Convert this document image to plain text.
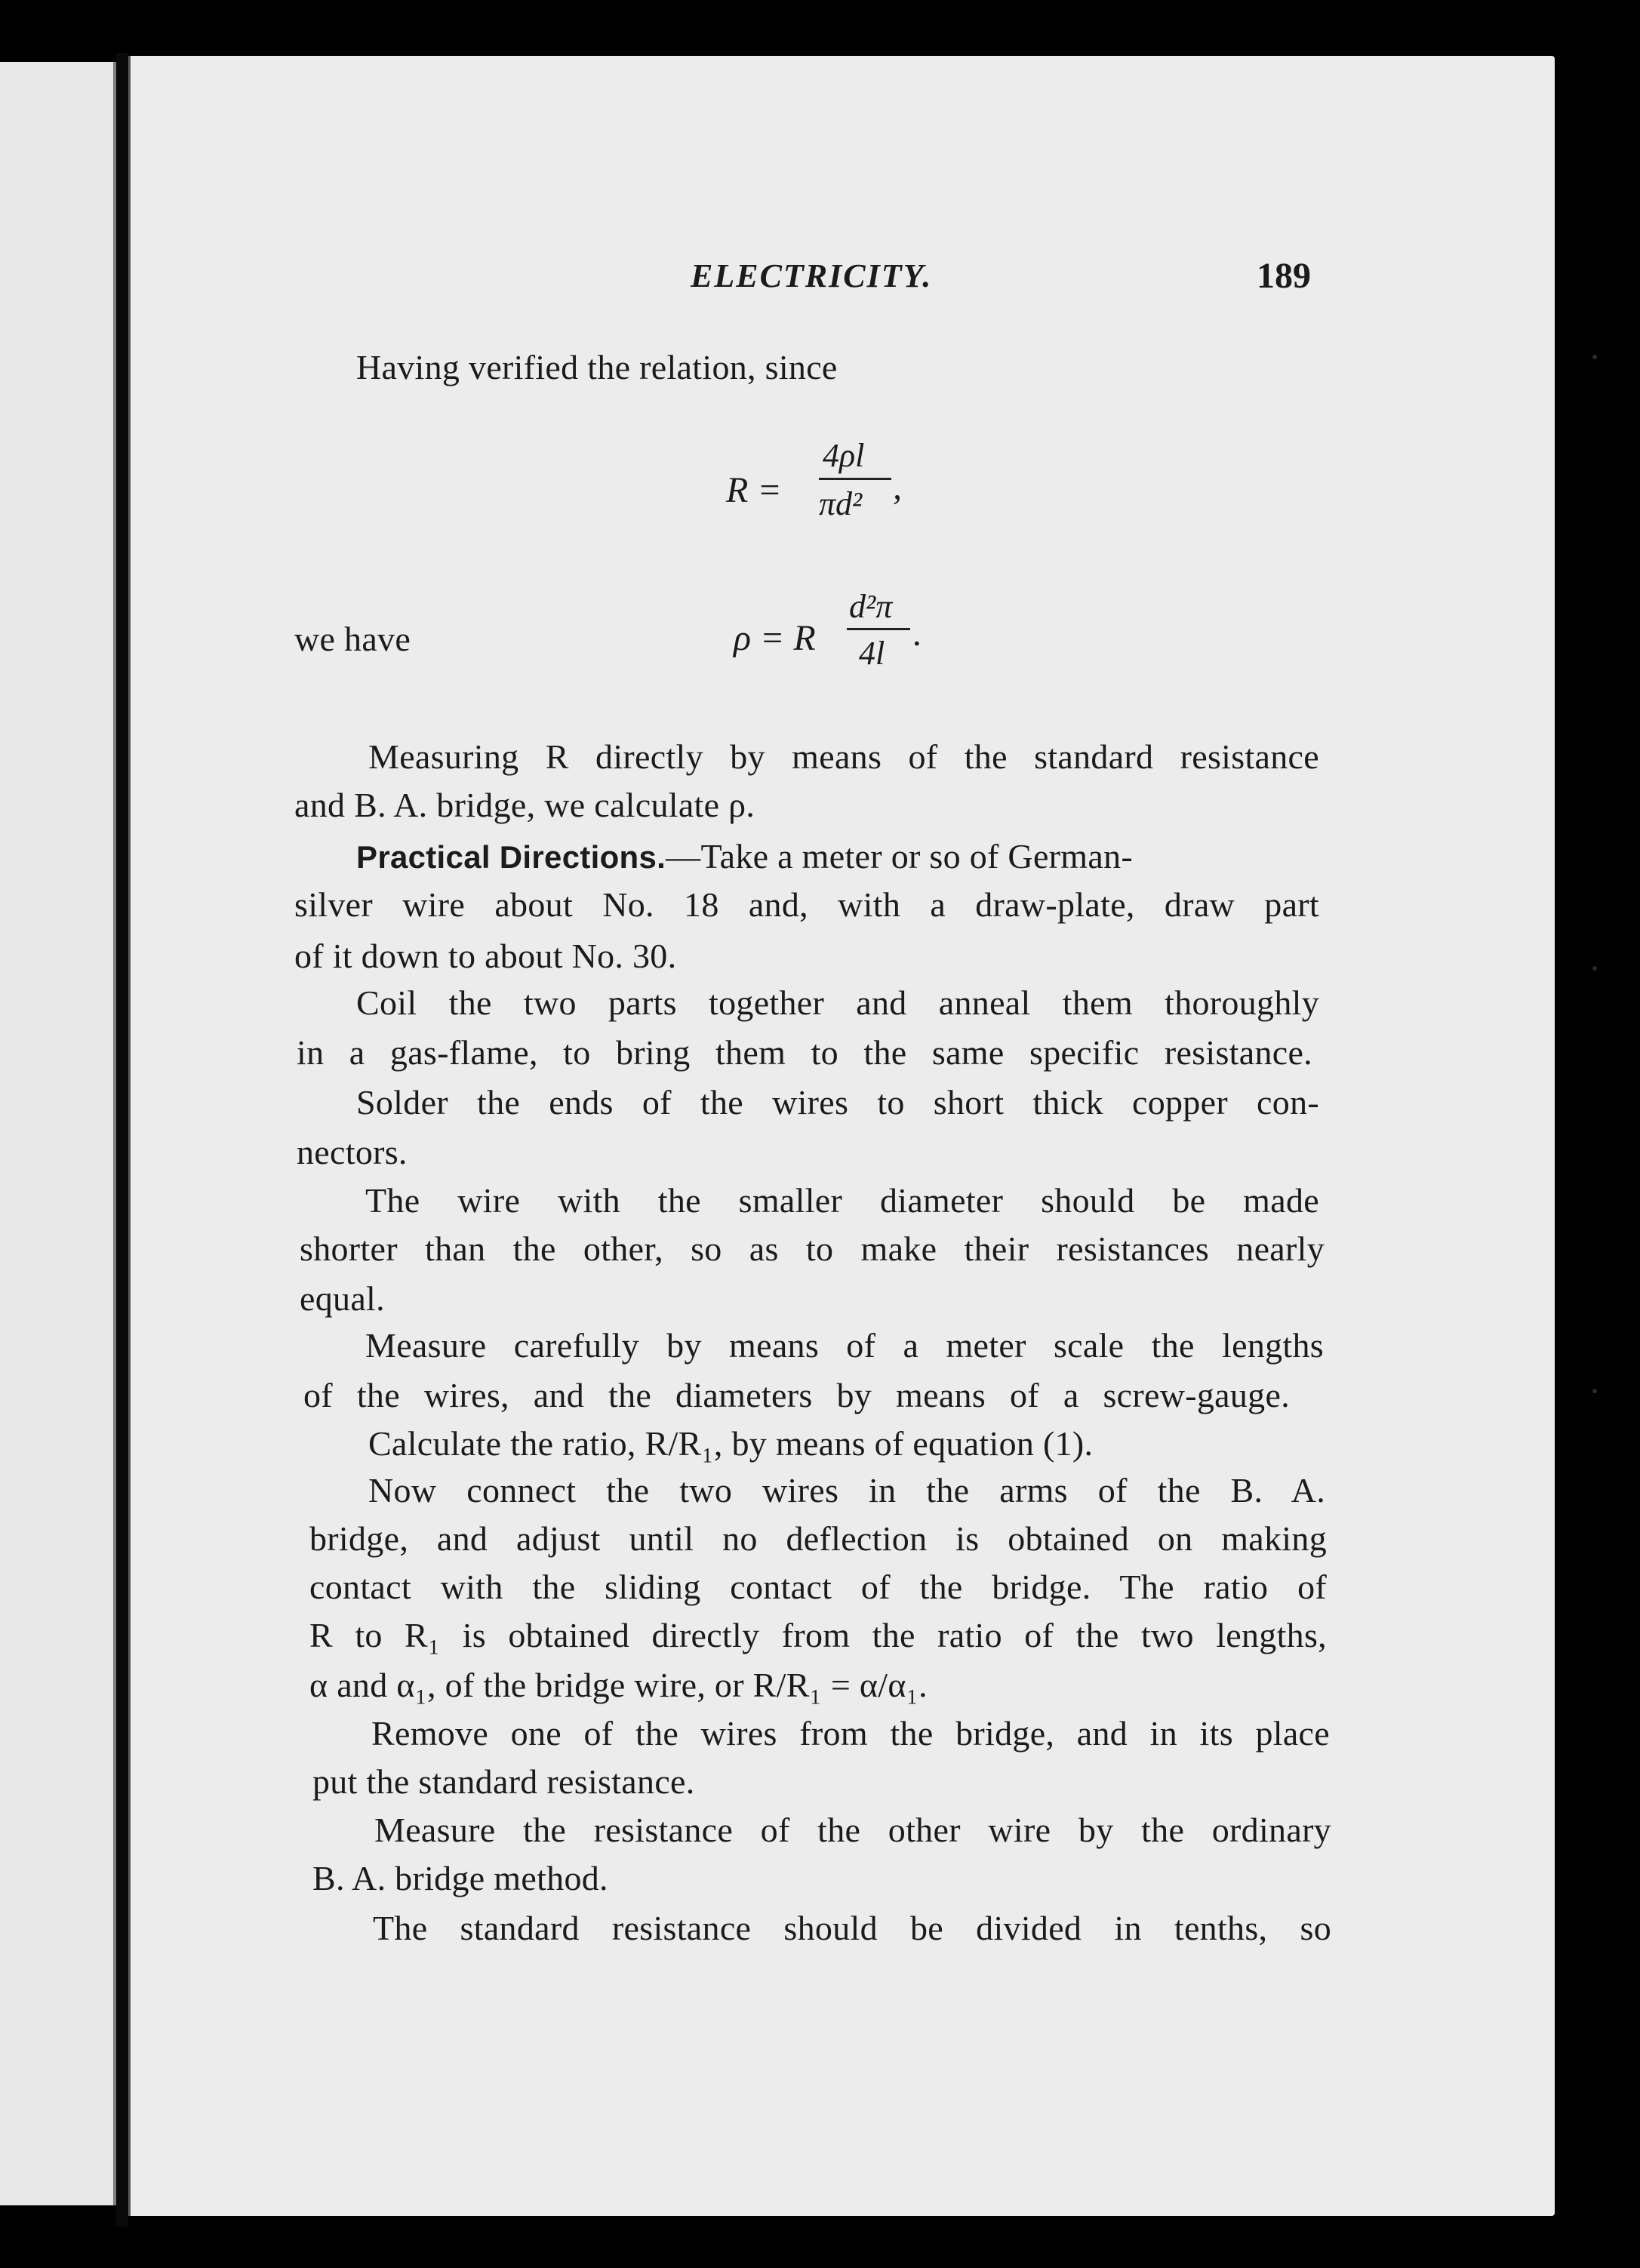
ELECTRICITY.	189
Having verified the relation, since
R =
4ρl
πd² ,
we have	ρ = R
d²π
4l .
Measuring R directly by means of the standard resistance
and B. A. bridge, we calculate ρ.
Practical Directions.—Take a meter or so of German-
silver wire about No. 18 and, with a draw-plate, draw part
of it down to about No. 30.
Coil the two parts together and anneal them thoroughly
in a gas-flame, to bring them to the same specific resistance.
Solder the ends of the wires to short thick copper con-
nectors.
The wire with the smaller diameter should be made
shorter than the other, so as to make their resistances nearly
equal.
Measure carefully by means of a meter scale the lengths
of the wires, and the diameters by means of a screw-gauge.
Calculate the ratio, R/R₁, by means of equation (1).
Now connect the two wires in the arms of the B. A.
bridge, and adjust until no deflection is obtained on making
contact with the sliding contact of the bridge. The ratio of
R to R₁ is obtained directly from the ratio of the two lengths,
α and α₁, of the bridge wire, or R/R₁ = α/α₁.
Remove one of the wires from the bridge, and in its place
put the standard resistance.
Measure the resistance of the other wire by the ordinary
B. A. bridge method.
The standard resistance should be divided in tenths, so
